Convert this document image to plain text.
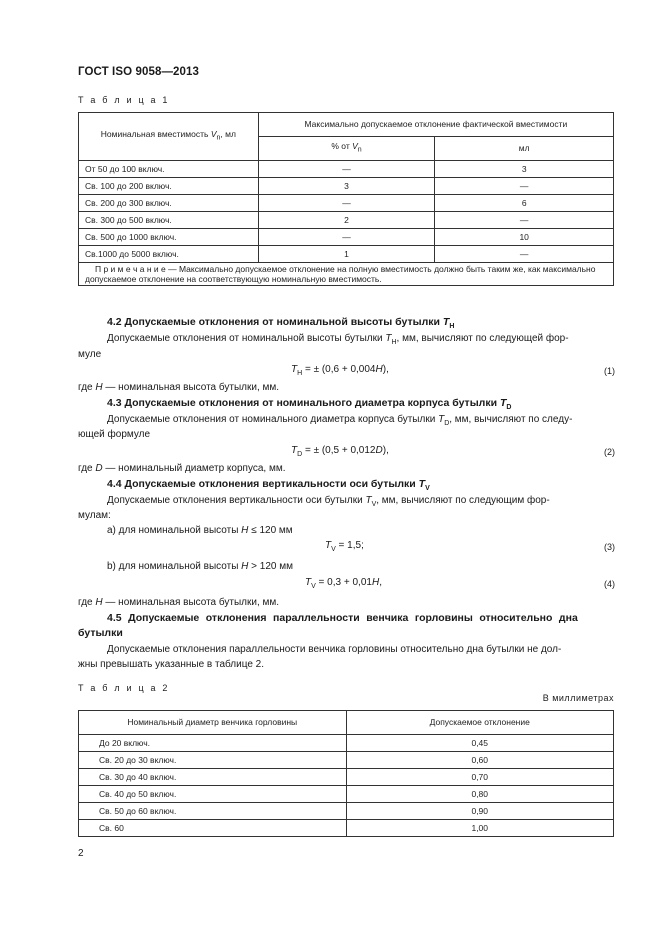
ГОСТ ISO 9058—2013
Т а б л и ц а 1
Номинальная вместимость $V_n$, мл	Максимально допускаемое отклонение фактической вместимости	
	% от $V_n$	мл
От 50 до 100 включ.	—	3
Св. 100 до 200 включ.	3	—
Св. 200 до 300 включ.	—	6
Св. 300 до 500 включ.	2	—
Св. 500 до 1000 включ.	—	10
Св.1000 до 5000 включ.	1	—
П р и м е ч а н и е — Максимально допускаемое отклонение на полную вместимость должно быть таким же, как максимально допускаемое отклонение на соответствующую номинальную вместимость.		
4.2 Допускаемые отклонения от номинальной высоты бутылки $T_H$
Допускаемые отклонения от номинальной высоты бутылки $T_H$, мм, вычисляют по следующей фор-
муле
$T_H$ = ± (0,6 + 0,004H),	(1)
где H — номинальная высота бутылки, мм.
4.3 Допускаемые отклонения от номинального диаметра корпуса бутылки $T_D$
Допускаемые отклонения от номинального диаметра корпуса бутылки $T_D$, мм, вычисляют по следу-
ющей формуле
$T_D$ = ± (0,5 + 0,012D),	(2)
где D — номинальный диаметр корпуса, мм.
4.4 Допускаемые отклонения вертикальности оси бутылки $T_V$
Допускаемые отклонения вертикальности оси бутылки $T_V$, мм, вычисляют по следующим фор-
мулам:
a) для номинальной высоты H ≤ 120 мм
$T_V = 1,5$;	(3)
b) для номинальной высоты H > 120 мм
$T_V = 0,3 + 0,01H$,	(4)
где H — номинальная высота бутылки, мм.
4.5 Допускаемые отклонения параллельности венчика горловины относительно дна
бутылки
Допускаемые отклонения параллельности венчика горловины относительно дна бутылки не дол-
жны превышать указанные в таблице 2.
Т а б л и ц а 2
В миллиметрах
Номинальный диаметр венчика горловины	Допускаемое отклонение
До 20 включ.	0,45
Св. 20 до 30 включ.	0,60
Св. 30 до 40 включ.	0,70
Св. 40 до 50 включ.	0,80
Св. 50 до 60 включ.	0,90
Св. 60	1,00
2
